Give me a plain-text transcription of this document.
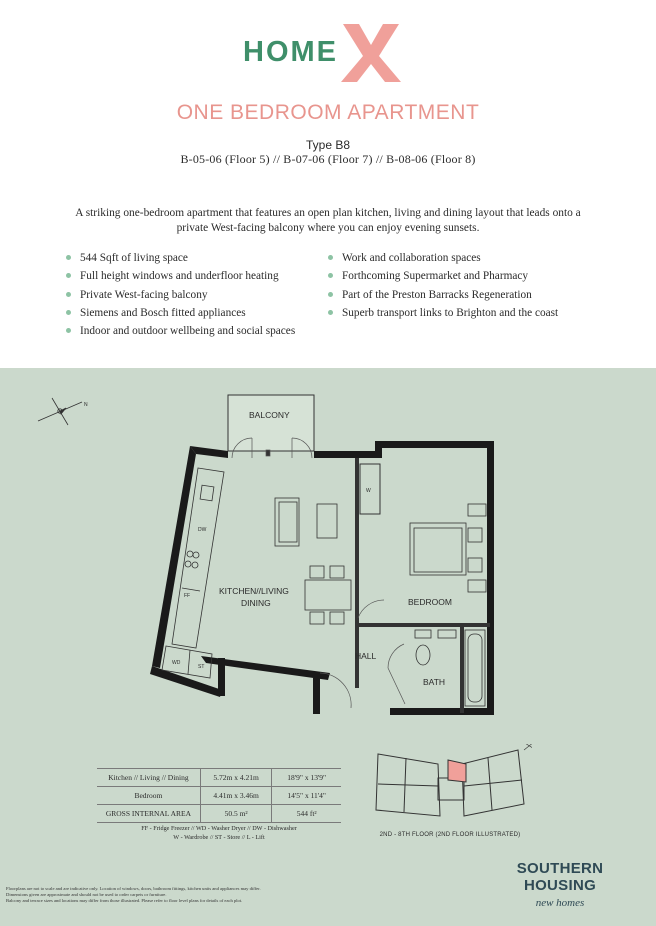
HOME
ONE BEDROOM APARTMENT
Type B8
B-05-06 (Floor 5) // B-07-06 (Floor 7) // B-08-06 (Floor 8)
A striking one-bedroom apartment that features an open plan kitchen, living and dining layout that leads onto a private West-facing balcony where you can enjoy evening sunsets.
544 Sqft of living space
Full height windows and underfloor heating
Private West-facing balcony
Siemens and Bosch fitted appliances
Indoor and outdoor wellbeing and social spaces
Work and collaboration spaces
Forthcoming Supermarket and Pharmacy
Part of the Preston Barracks Regeneration
Superb transport links to Brighton and the coast
N
W
DW
FF
WD
ST
BALCONY
KITCHEN//LIVING
DINING	BEDROOM
HALL
BATH
Kitchen // Living // Dining	5.72m x 4.21m	18'9" x 13'9"
Bedroom	4.41m x 3.46m	14'5" x 11'4"
GROSS INTERNAL AREA	50.5 m²	544 ft²
FF - Fridge Freezer // WD - Washer Dryer // DW - Dishwasher
W - Wardrobe // ST - Store // L - Lift	2ND - 8TH FLOOR (2ND FLOOR ILLUSTRATED)
SOUTHERN
HOUSING
new homes
Floorplans are not to scale and are indicative only. Location of windows, doors, bathroom fittings, kitchen units and appliances may differ.
Dimensions given are approximate and should not be used to order carpets or furniture.
Balcony and terrace sizes and locations may differ from those illustrated. Please refer to floor level plans for details of each plot.
